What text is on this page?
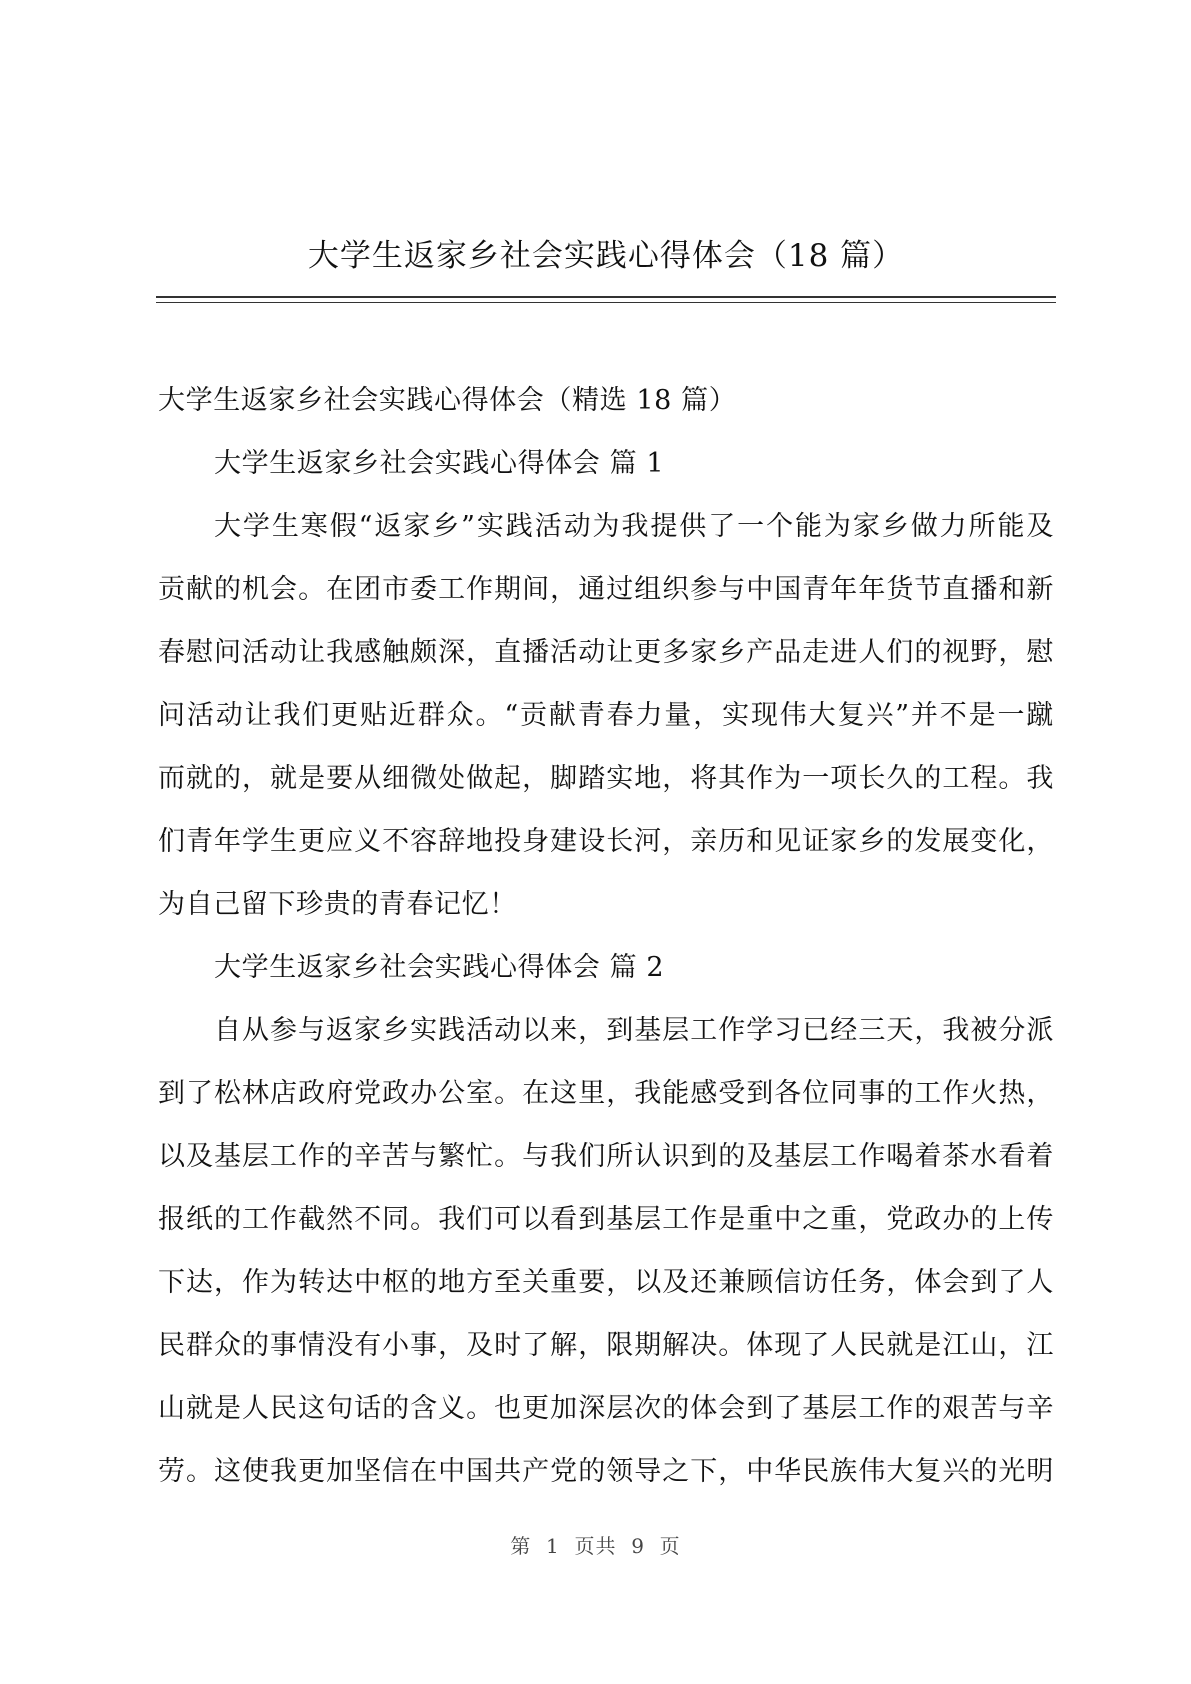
大学生返家乡社会实践心得体会（18 篇）
大学生返家乡社会实践心得体会（精选 18 篇）
大学生返家乡社会实践心得体会 篇 1
大学生寒假“返家乡”实践活动为我提供了一个能为家乡做力所能及
贡献的机会。在团市委工作期间，通过组织参与中国青年年货节直播和新
春慰问活动让我感触颇深，直播活动让更多家乡产品走进人们的视野，慰
问活动让我们更贴近群众。“贡献青春力量，实现伟大复兴”并不是一蹴
而就的，就是要从细微处做起，脚踏实地，将其作为一项长久的工程。我
们青年学生更应义不容辞地投身建设长河，亲历和见证家乡的发展变化，
为自己留下珍贵的青春记忆！
大学生返家乡社会实践心得体会 篇 2
自从参与返家乡实践活动以来，到基层工作学习已经三天，我被分派
到了松林店政府党政办公室。在这里，我能感受到各位同事的工作火热，
以及基层工作的辛苦与繁忙。与我们所认识到的及基层工作喝着茶水看着
报纸的工作截然不同。我们可以看到基层工作是重中之重，党政办的上传
下达，作为转达中枢的地方至关重要，以及还兼顾信访任务，体会到了人
民群众的事情没有小事，及时了解，限期解决。体现了人民就是江山，江
山就是人民这句话的含义。也更加深层次的体会到了基层工作的艰苦与辛
劳。这使我更加坚信在中国共产党的领导之下，中华民族伟大复兴的光明
第  1  页共  9  页
